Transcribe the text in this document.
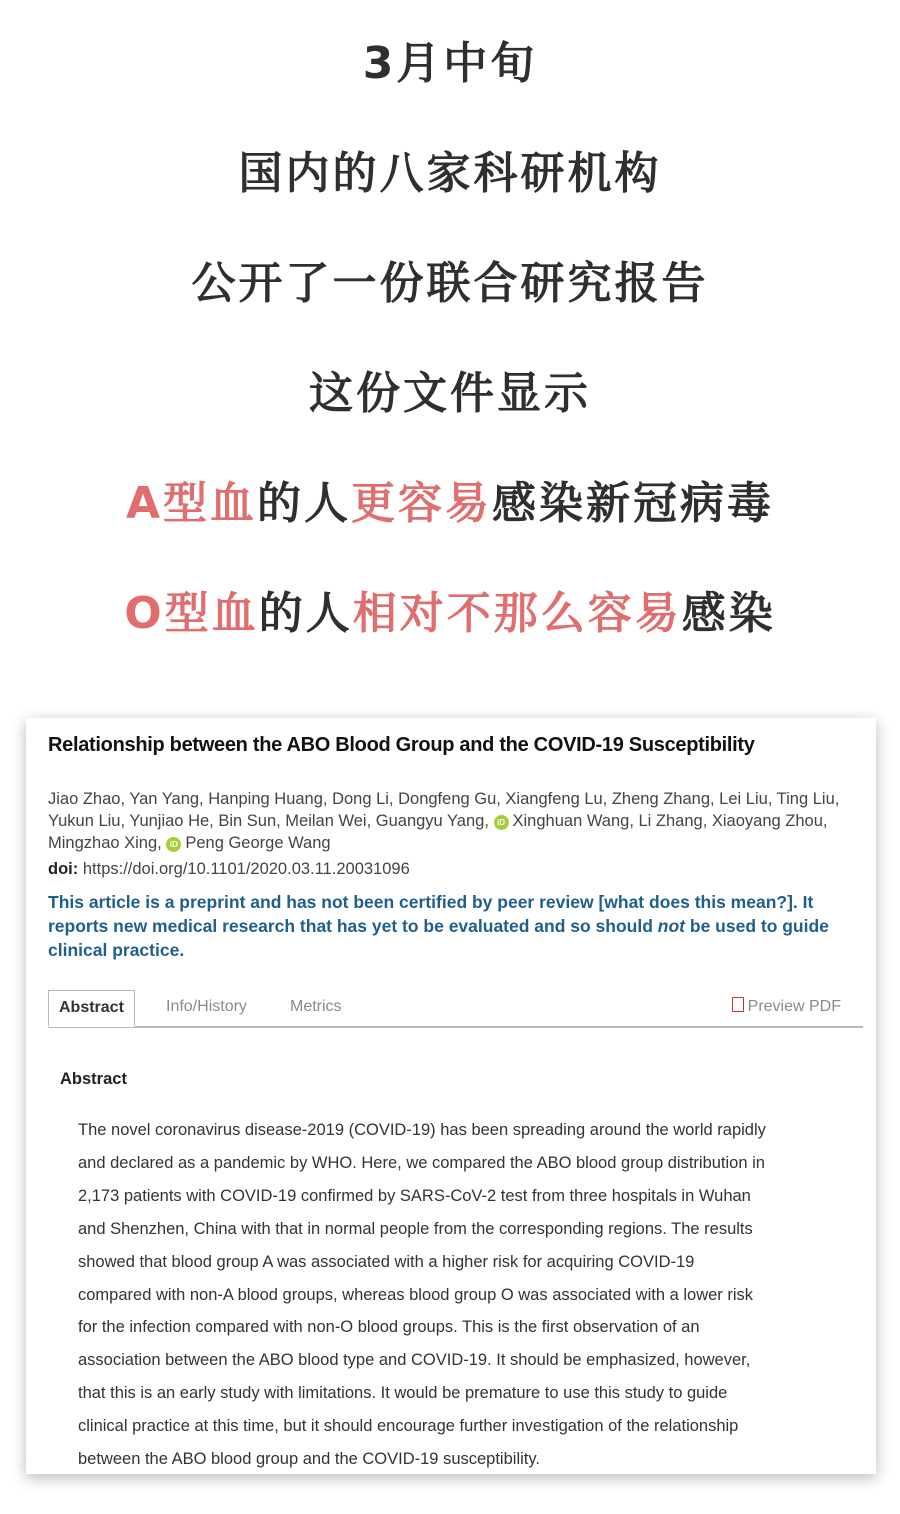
3月中旬
国内的八家科研机构
公开了一份联合研究报告
这份文件显示
A型血的人更容易感染新冠病毒
O型血的人相对不那么容易感染
Relationship between the ABO Blood Group and the COVID-19 Susceptibility
Jiao Zhao, Yan Yang, Hanping Huang, Dong Li, Dongfeng Gu, Xiangfeng Lu, Zheng Zhang, Lei Liu, Ting Liu, Yukun Liu, Yunjiao He, Bin Sun, Meilan Wei, Guangyu Yang, iD Xinghuan Wang, Li Zhang, Xiaoyang Zhou, Mingzhao Xing, iD Peng George Wang
doi: https://doi.org/10.1101/2020.03.11.20031096
This article is a preprint and has not been certified by peer review [what does this mean?]. It reports new medical research that has yet to be evaluated and so should not be used to guide clinical practice.
Abstract	Info/History	Metrics	Preview PDF
Abstract
The novel coronavirus disease-2019 (COVID-19) has been spreading around the world rapidly
and declared as a pandemic by WHO. Here, we compared the ABO blood group distribution in
2,173 patients with COVID-19 confirmed by SARS-CoV-2 test from three hospitals in Wuhan
and Shenzhen, China with that in normal people from the corresponding regions. The results
showed that blood group A was associated with a higher risk for acquiring COVID-19
compared with non-A blood groups, whereas blood group O was associated with a lower risk
for the infection compared with non-O blood groups. This is the first observation of an
association between the ABO blood type and COVID-19. It should be emphasized, however,
that this is an early study with limitations. It would be premature to use this study to guide
clinical practice at this time, but it should encourage further investigation of the relationship
between the ABO blood group and the COVID-19 susceptibility.
